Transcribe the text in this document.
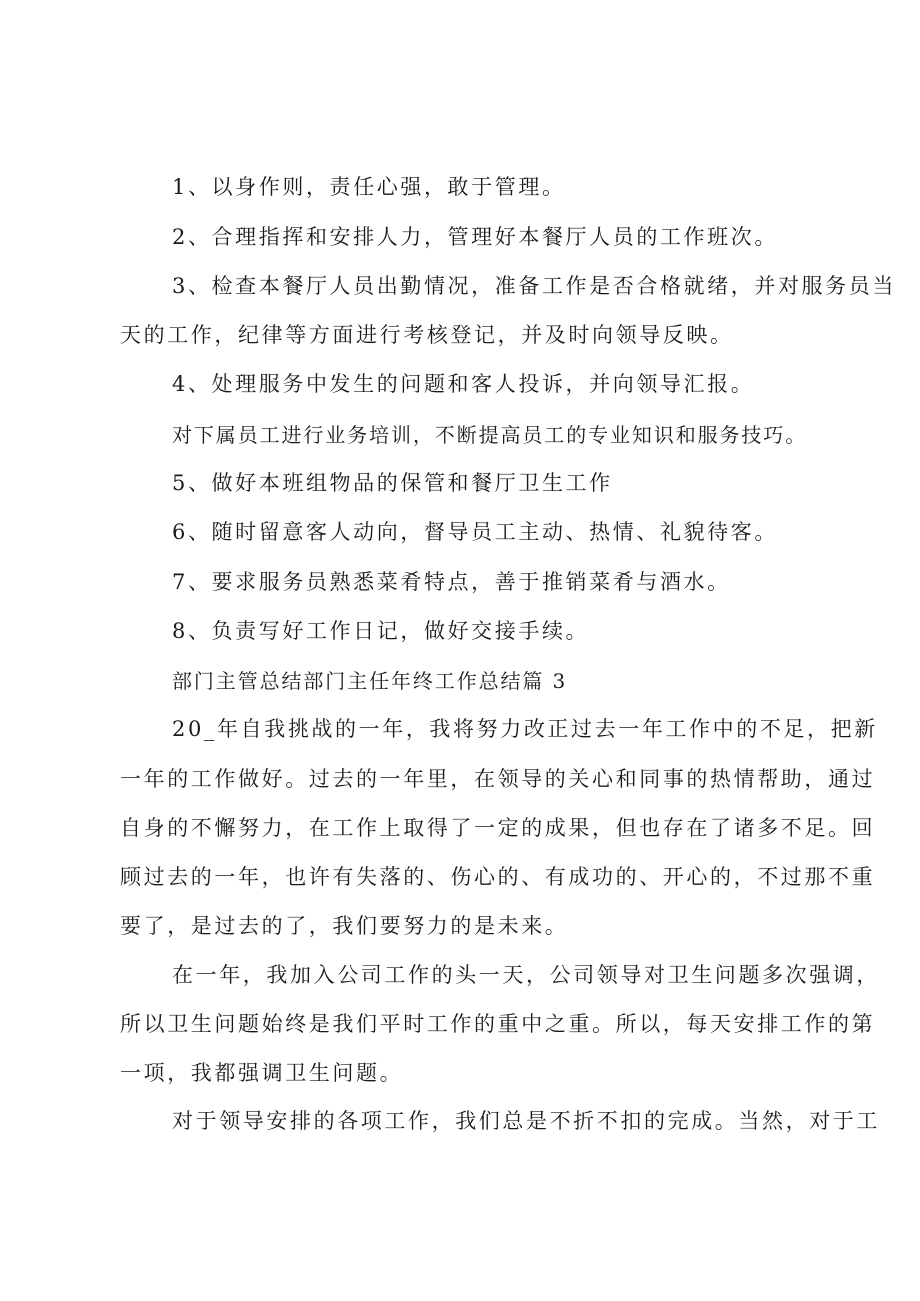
1、以身作则，责任心强，敢于管理。
2、合理指挥和安排人力，管理好本餐厅人员的工作班次。
3、检查本餐厅人员出勤情况，准备工作是否合格就绪，并对服务员当
天的工作，纪律等方面进行考核登记，并及时向领导反映。
4、处理服务中发生的问题和客人投诉，并向领导汇报。
对下属员工进行业务培训，不断提高员工的专业知识和服务技巧。
5、做好本班组物品的保管和餐厅卫生工作
6、随时留意客人动向，督导员工主动、热情、礼貌待客。
7、要求服务员熟悉菜肴特点，善于推销菜肴与酒水。
8、负责写好工作日记，做好交接手续。
部门主管总结部门主任年终工作总结篇 3
20_年自我挑战的一年，我将努力改正过去一年工作中的不足，把新
一年的工作做好。过去的一年里，在领导的关心和同事的热情帮助，通过
自身的不懈努力，在工作上取得了一定的成果，但也存在了诸多不足。回
顾过去的一年，也许有失落的、伤心的、有成功的、开心的，不过那不重
要了，是过去的了，我们要努力的是未来。
在一年，我加入公司工作的头一天，公司领导对卫生问题多次强调，
所以卫生问题始终是我们平时工作的重中之重。所以，每天安排工作的第
一项，我都强调卫生问题。
对于领导安排的各项工作，我们总是不折不扣的完成。当然，对于工
